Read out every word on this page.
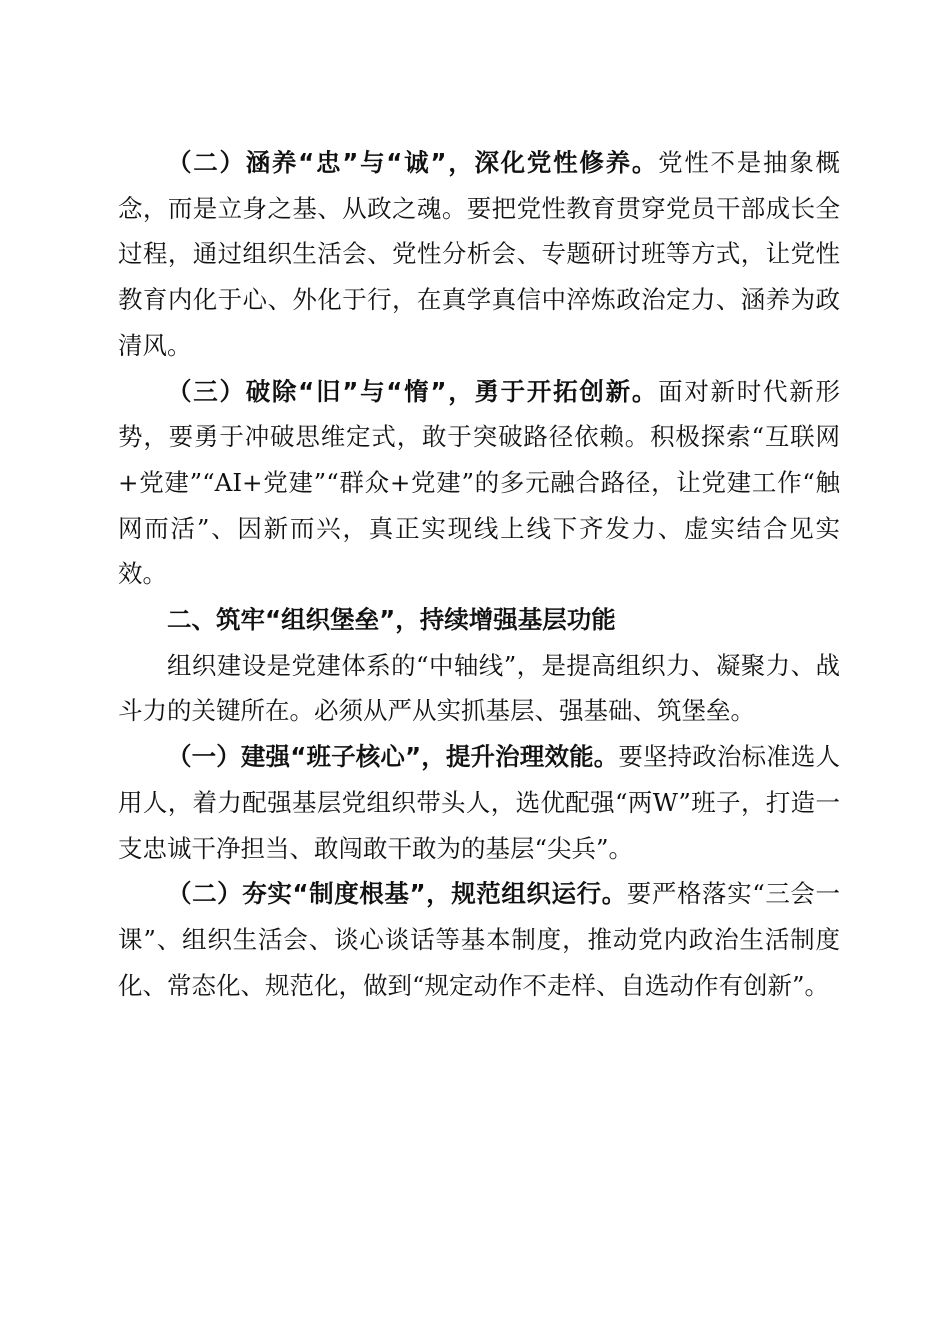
（二）涵养“忠”与“诚”，深化党性修养。党性不是抽象概念，而是立身之基、从政之魂。要把党性教育贯穿党员干部成长全过程，通过组织生活会、党性分析会、专题研讨班等方式，让党性教育内化于心、外化于行，在真学真信中淬炼政治定力、涵养为政清风。

（三）破除“旧”与“惰”，勇于开拓创新。面对新时代新形势，要勇于冲破思维定式，敢于突破路径依赖。积极探索“互联网+党建”“AI+党建”“群众+党建”的多元融合路径，让党建工作“触网而活”、因新而兴，真正实现线上线下齐发力、虚实结合见实效。

二、筑牢“组织堡垒”，持续增强基层功能

组织建设是党建体系的“中轴线”，是提高组织力、凝聚力、战斗力的关键所在。必须从严从实抓基层、强基础、筑堡垒。

（一）建强“班子核心”，提升治理效能。要坚持政治标准选人用人，着力配强基层党组织带头人，选优配强“两W”班子，打造一支忠诚干净担当、敢闯敢干敢为的基层“尖兵”。

（二）夯实“制度根基”，规范组织运行。要严格落实“三会一课”、组织生活会、谈心谈话等基本制度，推动党内政治生活制度化、常态化、规范化，做到“规定动作不走样、自选动作有创新”。
